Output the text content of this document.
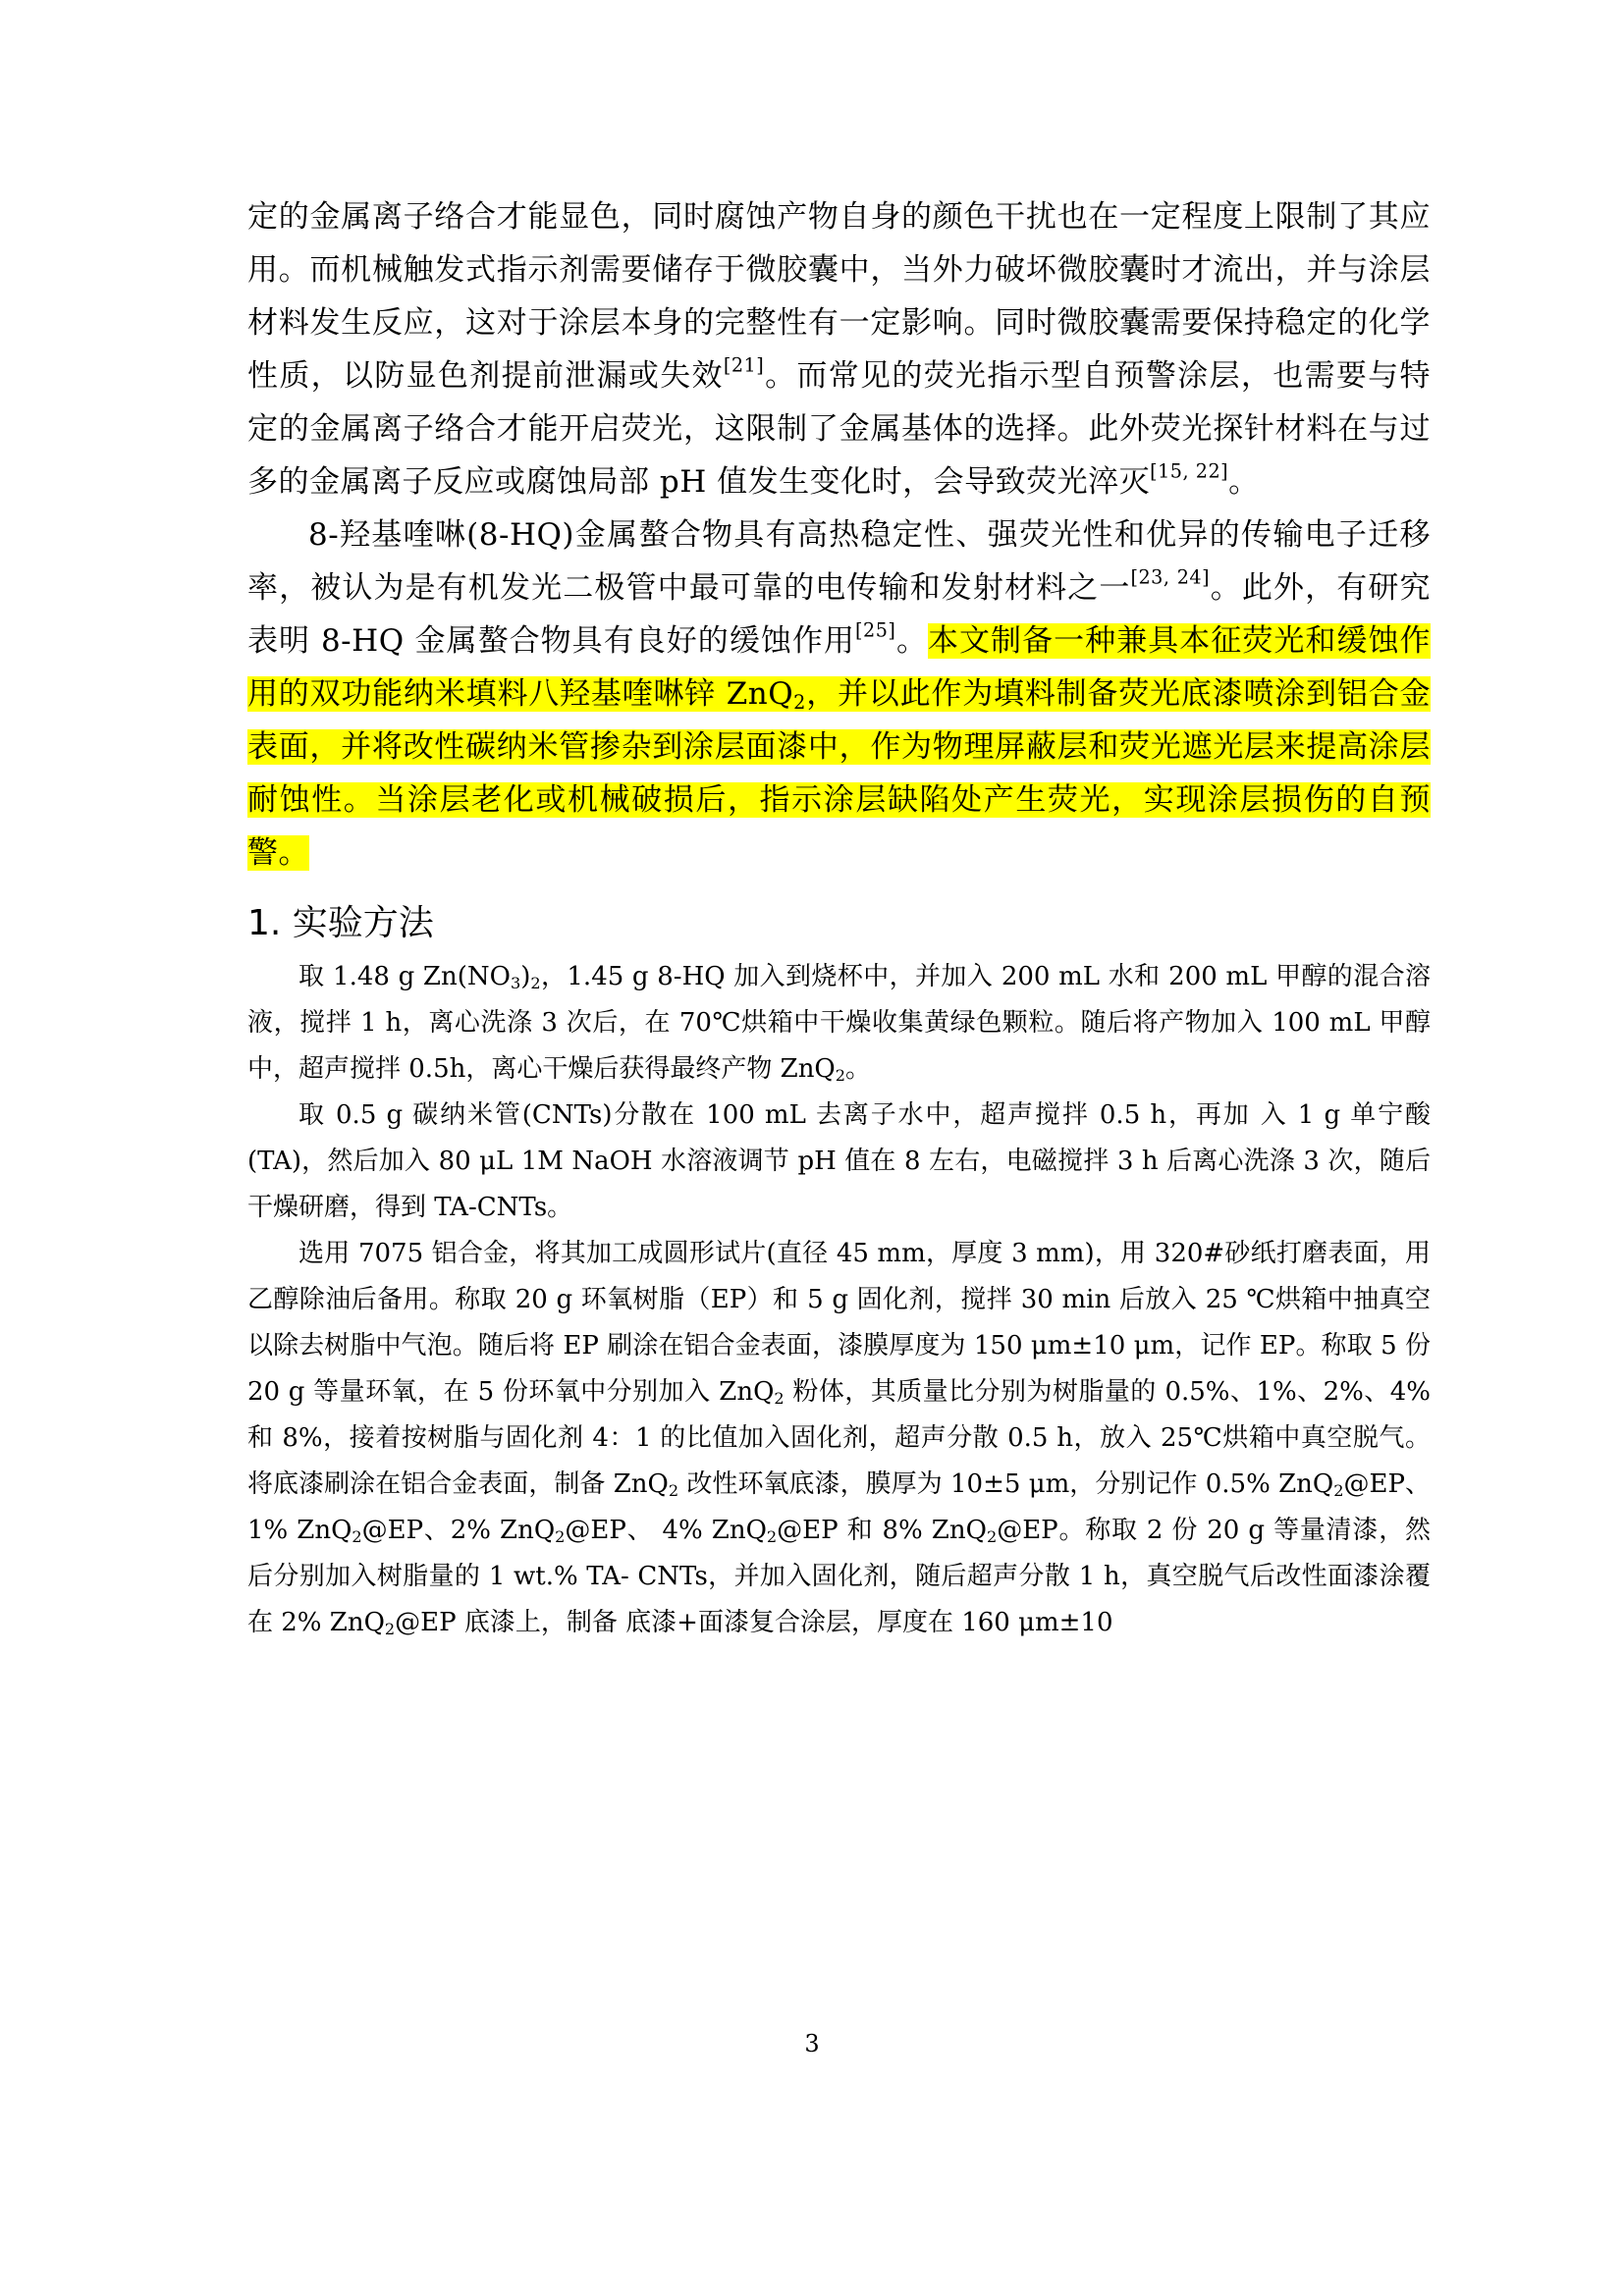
定的金属离子络合才能显色，同时腐蚀产物自身的颜色干扰也在一定程度上限制了其应用。而机械触发式指示剂需要储存于微胶囊中，当外力破坏微胶囊时才流出，并与涂层材料发生反应，这对于涂层本身的完整性有一定影响。同时微胶囊需要保持稳定的化学性质，以防显色剂提前泄漏或失效[21]。而常见的荧光指示型自预警涂层，也需要与特定的金属离子络合才能开启荧光，这限制了金属基体的选择。此外荧光探针材料在与过多的金属离子反应或腐蚀局部 pH 值发生变化时，会导致荧光淬灭[15, 22]。

8-羟基喹啉(8-HQ)金属螯合物具有高热稳定性、强荧光性和优异的传输电子迁移率，被认为是有机发光二极管中最可靠的电传输和发射材料之一[23, 24]。此外，有研究表明 8-HQ 金属螯合物具有良好的缓蚀作用[25]。本文制备一种兼具本征荧光和缓蚀作用的双功能纳米填料八羟基喹啉锌 ZnQ$_2$，并以此作为填料制备荧光底漆喷涂到铝合金表面，并将改性碳纳米管掺杂到涂层面漆中，作为物理屏蔽层和荧光遮光层来提高涂层耐蚀性。当涂层老化或机械破损后，指示涂层缺陷处产生荧光，实现涂层损伤的自预警。

1. 实验方法

取 1.48 g $Zn(NO_3)_2$，1.45 g 8-HQ 加入到烧杯中，并加入 200 mL 水和 200 mL 甲醇的混合溶液，搅拌 1 h，离心洗涤 3 次后，在 70℃烘箱中干燥收集黄绿色颗粒。随后将产物加入 100 mL 甲醇中，超声搅拌 0.5h，离心干燥后获得最终产物 ZnQ$_2$。

取 0.5 g 碳纳米管(CNTs)分散在 100 mL 去离子水中，超声搅拌 0.5 h，再加 入 1 g 单宁酸(TA)，然后加入 80 μL 1M NaOH 水溶液调节 pH 值在 8 左右，电磁搅拌 3 h 后离心洗涤 3 次，随后干燥研磨，得到 TA-CNTs。

选用 7075 铝合金，将其加工成圆形试片(直径 45 mm，厚度 3 mm)，用 320#砂纸打磨表面，用乙醇除油后备用。称取 20 g 环氧树脂（EP）和 5 g 固化剂，搅拌 30 min 后放入 25 ℃烘箱中抽真空以除去树脂中气泡。随后将 EP 刷涂在铝合金表面，漆膜厚度为 150 μm±10 μm，记作 EP。称取 5 份 20 g 等量环氧，在 5 份环氧中分别加入 ZnQ$_2$ 粉体，其质量比分别为树脂量的 0.5%、1%、2%、4% 和 8%，接着按树脂与固化剂 4：1 的比值加入固化剂，超声分散 0.5 h，放入 25℃烘箱中真空脱气。将底漆刷涂在铝合金表面，制备 ZnQ$_2$ 改性环氧底漆，膜厚为 10±5 μm，分别记作 0.5% ZnQ$_2$@EP、1% ZnQ$_2$@EP、2% ZnQ$_2$@EP、 4% ZnQ$_2$@EP 和 8% ZnQ$_2$@EP。称取 2 份 20 g 等量清漆，然后分别加入树脂量的 1 wt.% TA- CNTs，并加入固化剂，随后超声分散 1 h，真空脱气后改性面漆涂覆在 2% ZnQ$_2$@EP 底漆上，制备 底漆+面漆复合涂层，厚度在 160 μm±10

3
